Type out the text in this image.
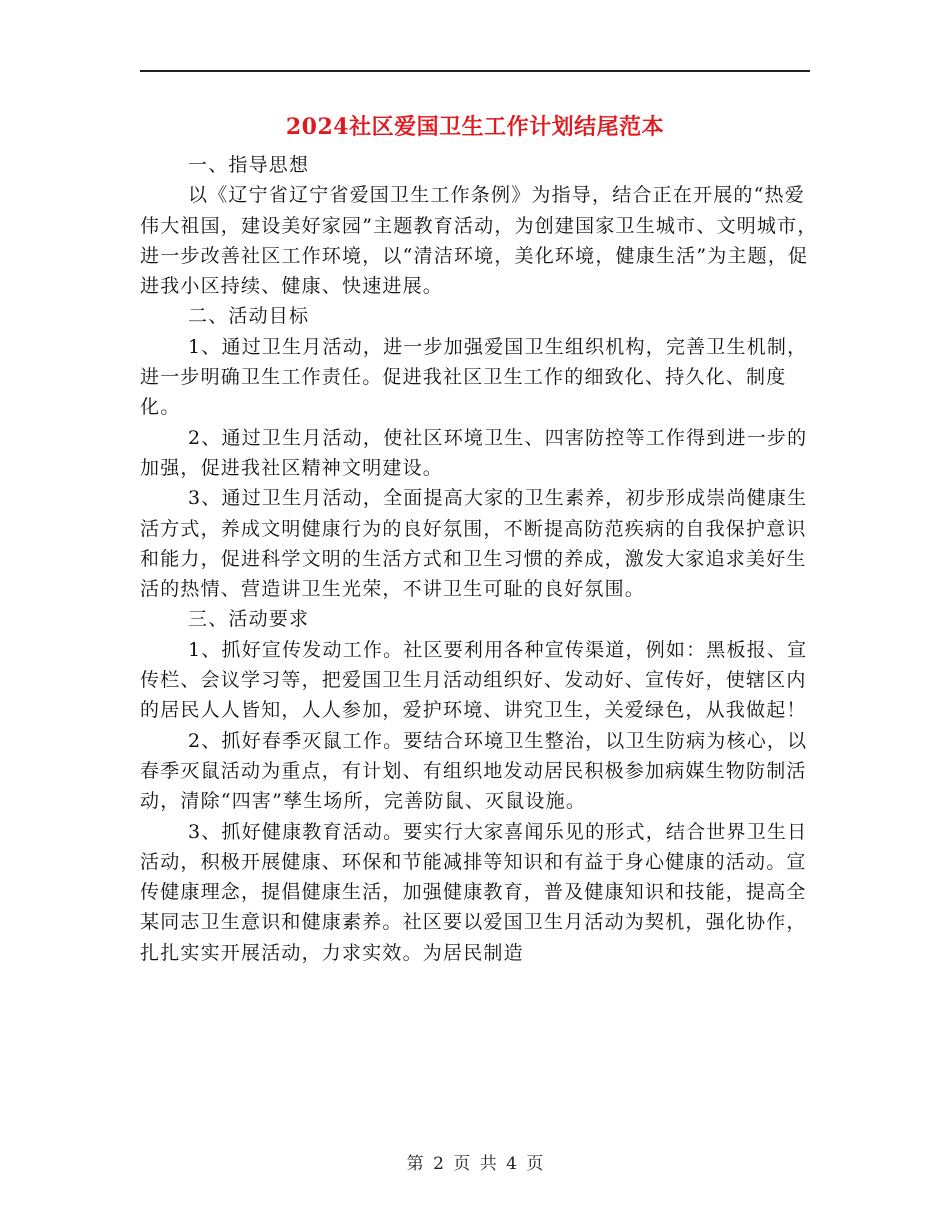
2024社区爱国卫生工作计划结尾范本

一、指导思想

以《辽宁省辽宁省爱国卫生工作条例》为指导，结合正在开展的“热爱伟大祖国，建设美好家园”主题教育活动，为创建国家卫生城市、文明城市，进一步改善社区工作环境，以“清洁环境，美化环境，健康生活”为主题，促进我小区持续、健康、快速进展。

二、活动目标

1、通过卫生月活动，进一步加强爱国卫生组织机构，完善卫生机制，进一步明确卫生工作责任。促进我社区卫生工作的细致化、持久化、制度化。

2、通过卫生月活动，使社区环境卫生、四害防控等工作得到进一步的加强，促进我社区精神文明建设。

3、通过卫生月活动，全面提高大家的卫生素养，初步形成崇尚健康生活方式，养成文明健康行为的良好氛围，不断提高防范疾病的自我保护意识和能力，促进科学文明的生活方式和卫生习惯的养成，激发大家追求美好生活的热情、营造讲卫生光荣，不讲卫生可耻的良好氛围。

三、活动要求

1、抓好宣传发动工作。社区要利用各种宣传渠道，例如：黑板报、宣传栏、会议学习等，把爱国卫生月活动组织好、发动好、宣传好，使辖区内的居民人人皆知，人人参加，爱护环境、讲究卫生，关爱绿色，从我做起！

2、抓好春季灭鼠工作。要结合环境卫生整治，以卫生防病为核心，以春季灭鼠活动为重点，有计划、有组织地发动居民积极参加病媒生物防制活动，清除“四害”孳生场所，完善防鼠、灭鼠设施。

3、抓好健康教育活动。要实行大家喜闻乐见的形式，结合世界卫生日活动，积极开展健康、环保和节能减排等知识和有益于身心健康的活动。宣传健康理念，提倡健康生活，加强健康教育，普及健康知识和技能，提高全某同志卫生意识和健康素养。社区要以爱国卫生月活动为契机，强化协作，扎扎实实开展活动，力求实效。为居民制造

第 2 页 共 4 页
